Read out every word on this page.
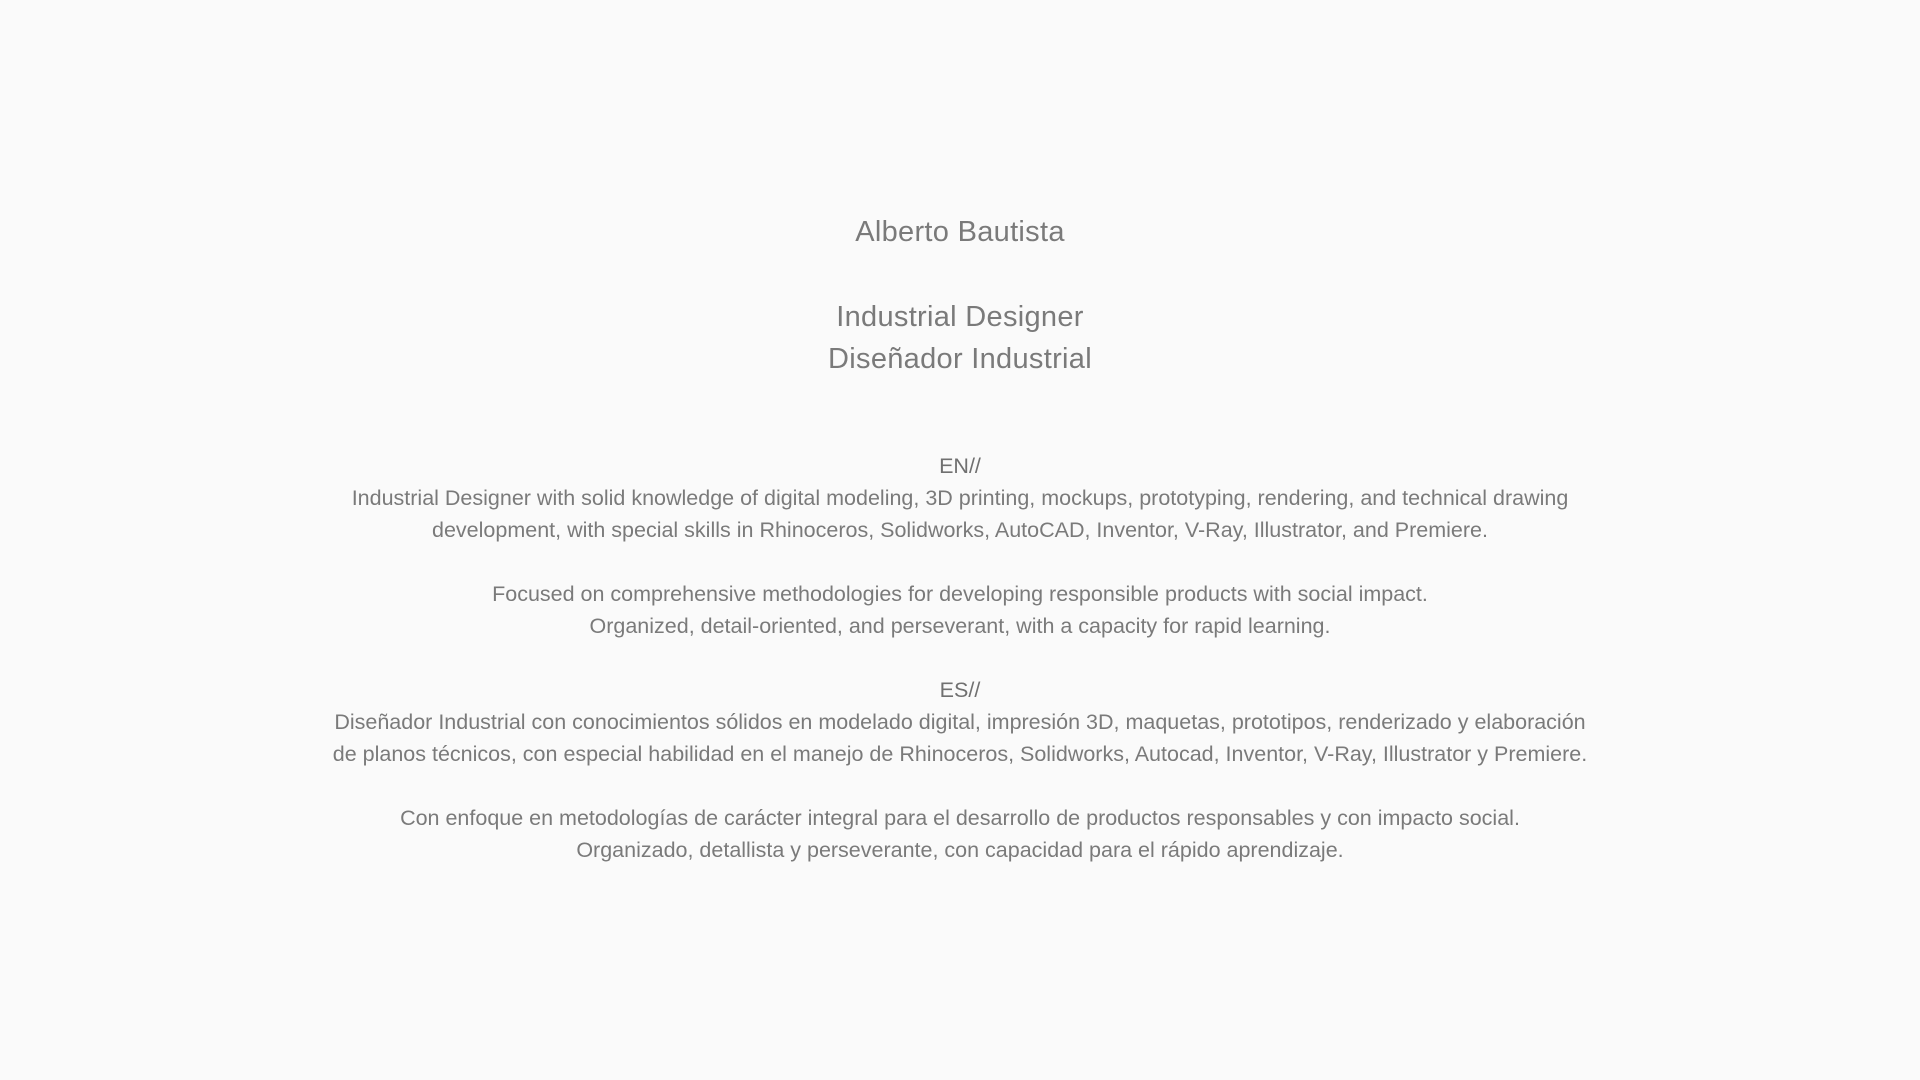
Alberto Bautista
Industrial Designer
Diseñador Industrial

EN//

Industrial Designer with solid knowledge of digital modeling, 3D printing, mockups, prototyping, rendering, and technical drawing

development, with special skills in Rhinoceros, Solidworks, AutoCAD, Inventor, V-Ray, Illustrator, and Premiere.

Focused on comprehensive methodologies for developing responsible products with social impact.

Organized, detail-oriented, and perseverant, with a capacity for rapid learning.

ES//

Diseñador Industrial con conocimientos sólidos en modelado digital, impresión 3D, maquetas, prototipos, renderizado y elaboración

de planos técnicos, con especial habilidad en el manejo de Rhinoceros, Solidworks, Autocad, Inventor, V-Ray, Illustrator y Premiere.

Con enfoque en metodologías de carácter integral para el desarrollo de productos responsables y con impacto social.

Organizado, detallista y perseverante, con capacidad para el rápido aprendizaje.
